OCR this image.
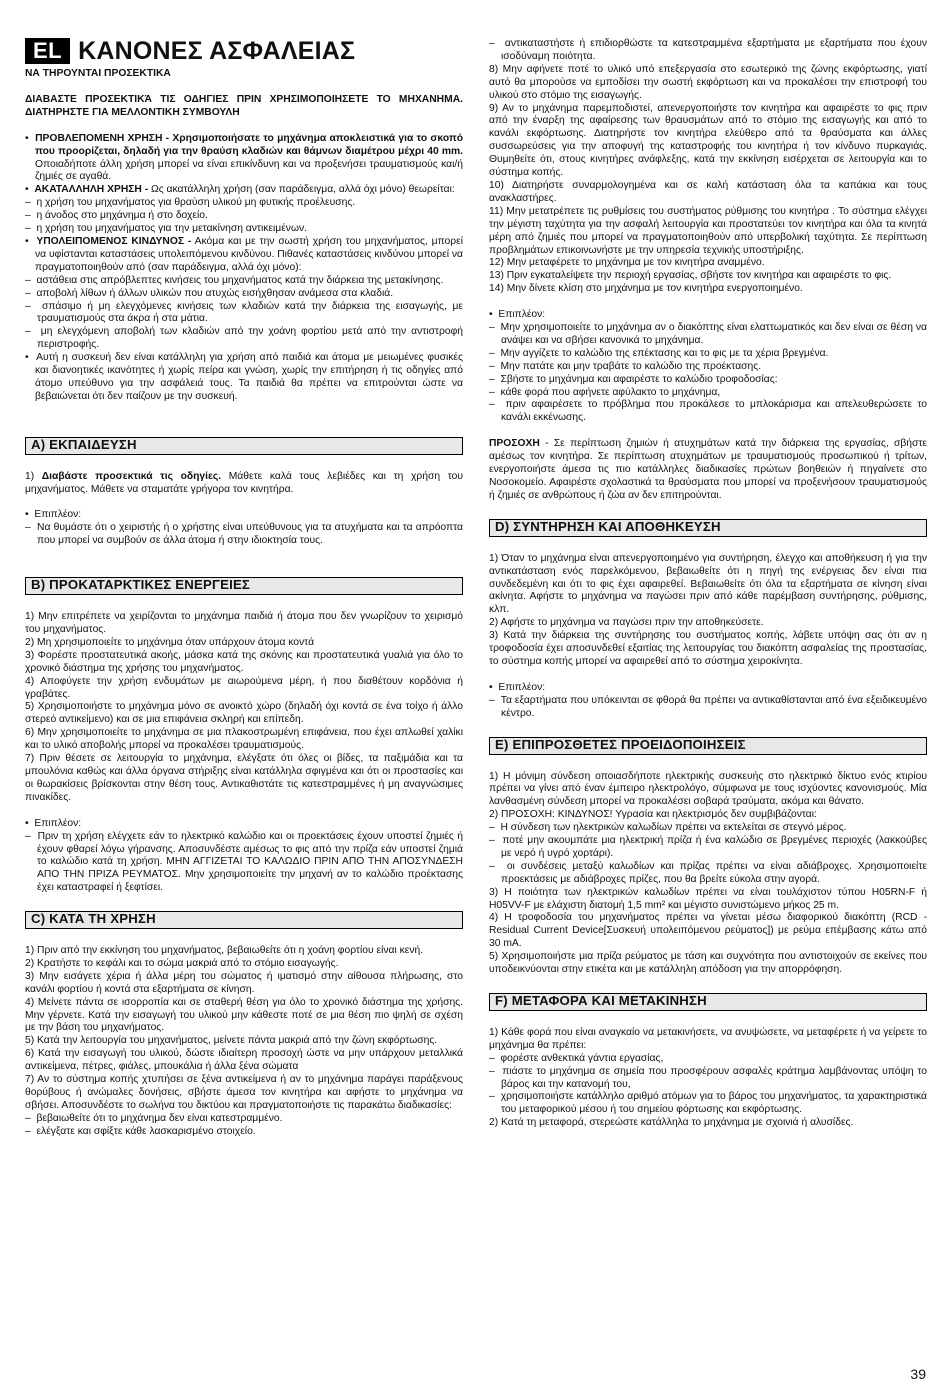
EL ΚΑΝΟΝΕΣ ΑΣΦΑΛΕΙΑΣ

ΝΑ ΤΗΡΟΥΝΤΑΙ ΠΡΟΣΕΚΤΙΚΑ

ΔΙΑΒΑΣΤΕ ΠΡΟΣΕΚΤΙΚΆ ΤΙΣ ΟΔΗΓΙΕΣ ΠΡΙΝ ΧΡΗΣΙΜΟΠΟΙΗΣΕΤΕ ΤΟ ΜΗΧΑΝΗΜΑ. ΔΙΑΤΗΡΗΣΤΕ ΓΙΑ ΜΕΛΛΟΝΤΙΚΗ ΣΥΜΒΟΥΛΗ

•  ΠΡΟΒΛΕΠΟΜΕΝΗ ΧΡΗΣΗ - Χρησιμοποιήσατε το μηχάνημα αποκλειστικά για το σκοπό που προορίζεται, δηλαδή για την θραύση κλαδιών και θάμνων διαμέτρου μέχρι 40 mm. Οποιαδήποτε άλλη χρήση μπορεί να είναι επικίνδυνη και να προξενήσει τραυματισμούς και/ή ζημιές σε αγαθά.

•  ΑΚΑΤΑΛΛΗΛΗ ΧΡΗΣΗ - Ως ακατάλληλη χρήση (σαν παράδειγμα, αλλά όχι μόνο) θεωρείται:

–  η χρήση του μηχανήματος για θραύση υλικού μη φυτικής προέλευσης.

–  η άνοδος στο μηχάνημα ή στο δοχείο.

–  η χρήση του μηχανήματος για την μετακίνηση αντικειμένων.

•  ΥΠΟΛΕΙΠΟΜΕΝΟΣ ΚΙΝΔΥΝΟΣ - Ακόμα και με την σωστή χρήση του μηχανήματος, μπορεί να υφίστανται καταστάσεις υπολειπόμενου κινδύνου. Πιθανές καταστάσεις κινδύνου μπορεί να πραγματοποιηθούν από (σαν παράδειγμα, αλλά όχι μόνο):

–  αστάθεια στις απρόβλεπτες κινήσεις του μηχανήματος κατά την διάρκεια της μετακίνησης.

–  αποβολή λίθων ή άλλων υλικών που ατυχώς εισήχθησαν ανάμεσα στα κλαδιά.

–  σπάσιμο ή μη ελεγχόμενες κινήσεις των κλαδιών κατά την διάρκεια της εισαγωγής, με τραυματισμούς στα άκρα ή στα μάτια.

–  μη ελεγχόμενη αποβολή των κλαδιών από την χοάνη φορτίου μετά από την αντιστροφή περιστροφής.

•  Αυτή η συσκευή δεν είναι κατάλληλη για χρήση από παιδιά και άτομα με μειωμένες φυσικές και διανοητικές ικανότητες ή χωρίς πείρα και γνώση, χωρίς την επιτήρηση ή τις οδηγίες από άτομο υπεύθυνο για την ασφάλειά τους. Τα παιδιά θα πρέπει να επιτρούνται ώστε να βεβαιώνεται ότι δεν παίζουν με την συσκευή.

A) ΕΚΠΑΙΔΕΥΣΗ

1) Διαβάστε προσεκτικά τις οδηγίες. Μάθετε καλά τους λεβιέδες και τη χρήση του μηχανήματος. Μάθετε να σταματάτε γρήγορα τον κινητήρα.

•  Επιπλέον:

–  Να θυμάστε ότι ο χειριστής ή ο χρήστης είναι υπεύθυνους για τα ατυχήματα και τα απρόοπτα που μπορεί να συμβούν σε άλλα άτομα ή στην ιδιοκτησία τους.

B) ΠΡΟΚΑΤΑΡΚΤΙΚΕΣ ΕΝΕΡΓΕΙΕΣ

1) Μην επιτρέπετε να χειρίζονται το μηχάνημα παιδιά ή άτομα που δεν γνωρίζουν το χειρισμό του μηχανήματος.

2) Μη χρησιμοποιείτε το μηχάνημα όταν υπάρχουν άτομα κοντά

3) Φορέστε προστατευτικά ακοής, μάσκα κατά της σκόνης και προστατευτικά γυαλιά για όλο το χρονικό διάστημα της χρήσης του μηχανήματος.

4) Αποφύγετε την χρήση ενδυμάτων με αιωρούμενα μέρη, ή που διαθέτουν κορδόνια ή γραβάτες.

5) Χρησιμοποιήστε το μηχάνημα μόνο σε ανοικτό χώρο (δηλαδή όχι κοντά σε ένα τοίχο ή άλλο στερεό αντικείμενο) και σε μια επιφάνεια σκληρή και επίπεδη.

6) Μην χρησιμοποιείτε το μηχάνημα σε μια πλακοστρωμένη επιφάνεια, που έχει απλωθεί χαλίκι και το υλικό αποβολής μπορεί να προκαλέσει τραυματισμούς.

7) Πριν θέσετε σε λειτουργία το μηχάνημα, ελέγξατε ότι όλες οι βίδες, τα παξιμάδια και τα μπουλόνια καθώς και άλλα όργανα στήριξης είναι κατάλληλα σφιγμένα και ότι οι προστασίες και οι θωρακίσεις βρίσκονται στην θέση τους. Αντικαθιστάτε τις κατεστραμμένες ή μη αναγνώσιμες πινακίδες.

•  Επιπλέον:

–  Πριν τη χρήση ελέγχετε εάν το ηλεκτρικό καλώδιο και οι προεκτάσεις έχουν υποστεί ζημιές ή έχουν φθαρεί λόγω γήρανσης. Αποσυνδέστε αμέσως το φις από την πρίζα εάν υποστεί ζημιά το καλώδιο κατά τη χρήση. ΜΗΝ ΑΓΓΙΖΕΤΑΙ ΤΟ ΚΑΛΩΔΙΟ ΠΡΙΝ ΑΠΟ ΤΗΝ ΑΠΟΣΥΝΔΕΣΗ ΑΠΟ ΤΗΝ ΠΡΙΖΑ ΡΕΥΜΑΤΟΣ. Μην χρησιμοποιείτε την μηχανή αν το καλώδιο προέκτασης έχει καταστραφεί ή ξεφτίσει.

C) ΚΑΤΑ ΤΗ ΧΡΗΣΗ

1) Πριν από την εκκίνηση του μηχανήματος, βεβαιωθείτε ότι η χοάνη φορτίου είναι κενή.

2) Κρατήστε το κεφάλι και το σώμα μακριά από το στόμιο εισαγωγής.

3) Μην εισάγετε χέρια ή άλλα μέρη του σώματος ή ιματισμό στην αίθουσα πλήρωσης, στο κανάλι φορτίου ή κοντά στα εξαρτήματα σε κίνηση.

4) Μείνετε πάντα σε ισορροπία και σε σταθερή θέση για όλο το χρονικό διάστημα της χρήσης. Μην γέρνετε. Κατά την εισαγωγή του υλικού μην κάθεστε ποτέ σε μια θέση πιο ψηλή σε σχέση με την βάση του μηχανήματος.

5) Κατά την λειτουργία του μηχανήματος, μείνετε πάντα μακριά από την ζώνη εκφόρτωσης.

6) Κατά την εισαγωγή του υλικού, δώστε ιδιαίτερη προσοχή ώστε να μην υπάρχουν μεταλλικά αντικείμενα, πέτρες, φιάλες, μπουκάλια ή άλλα ξένα σώματα

7) Αν το σύστημα κοπής χτυπήσει σε ξένα αντικείμενα ή αν το μηχάνημα παράγει παράξενους θορύβους ή ανώμαλες δονήσεις, σβήστε άμεσα τον κινητήρα και αφήστε το μηχάνημα να σβήσει. Αποσυνδέστε το σωλήνα του δικτύου και πραγματοποιήστε τις παρακάτω διαδικασίες:

–  βεβαιωθείτε ότι το μηχάνημα δεν είναι κατεστραμμένο.

–  ελέγξατε και σφίξτε κάθε λασκαρισμένο στοιχείο.

–  αντικαταστήστε ή επιδιορθώστε τα κατεστραμμένα εξαρτήματα με εξαρτήματα που έχουν ισοδύναμη ποιότητα.

8) Μην αφήνετε ποτέ το υλικό υπό επεξεργασία στο εσωτερικό της ζώνης εκφόρτωσης, γιατί αυτό θα μπορούσε να εμποδίσει την σωστή εκφόρτωση και να προκαλέσει την επιστροφή του υλικού στο στόμιο της εισαγωγής.

9) Αν το μηχάνημα παρεμποδιστεί, απενεργοποιήστε τον κινητήρα και αφαιρέστε το φις πριν από την έναρξη της αφαίρεσης των θραυσμάτων από το στόμιο της εισαγωγής και από το κανάλι εκφόρτωσης. Διατηρήστε τον κινητήρα ελεύθερο από τα θραύσματα και άλλες συσσωρεύσεις για την αποφυγή της καταστροφής του κινητήρα ή τον κίνδυνο πυρκαγιάς. Θυμηθείτε ότι, στους κινητήρες ανάφλεξης, κατά την εκκίνηση εισέρχεται σε λειτουργία και το σύστημα κοπής.

10) Διατηρήστε συναρμολογημένα και σε καλή κατάσταση όλα τα καπάκια και τους ανακλαστήρες.

11) Μην μετατρέπετε τις ρυθμίσεις του συστήματος ρύθμισης του κινητήρα . Το σύστημα ελέγχει την μέγιστη ταχύτητα για την ασφαλή λειτουργία και προστατεύει τον κινητήρα και όλα τα κινητά μέρη από ζημιές που μπορεί να πραγματοποιηθούν από υπερβολική ταχύτητα. Σε περίπτωση προβλημάτων επικοινωνήστε με την υπηρεσία τεχνικής υποστήριξης.

12) Μην μεταφέρετε το μηχάνημα με τον κινητήρα αναμμένο.

13) Πριν εγκαταλείψετε την περιοχή εργασίας, σβήστε τον κινητήρα και αφαιρέστε το φις.

14) Μην δίνετε κλίση στο μηχάνημα με τον κινητήρα ενεργοποιημένο.

•  Επιπλέον:

–  Μην χρησιμοποιείτε το μηχάνημα αν ο διακόπτης είναι ελαττωματικός και δεν είναι σε θέση να ανάψει και να σβήσει κανονικά το μηχάνημα.

–  Μην αγγίζετε το καλώδιο της επέκτασης και το φις με τα χέρια βρεγμένα.

–  Μην πατάτε και μην τραβάτε το καλώδιο της προέκτασης.

–  Σβήστε το μηχάνημα και αφαιρέστε το καλώδιο τροφοδοσίας:

–  κάθε φορά που αφήνετε αφύλακτο το μηχάνημα,

–  πριν αφαιρέσετε το πρόβλημα που προκάλεσε το μπλοκάρισμα και απελευθερώσετε το κανάλι εκκένωσης.

ΠΡΟΣΟΧΗ - Σε περίπτωση ζημιών ή ατυχημάτων κατά την διάρκεια της εργασίας, σβήστε αμέσως τον κινητήρα. Σε περίπτωση ατυχημάτων με τραυματισμούς προσωπικού ή τρίτων, ενεργοποιήστε άμεσα τις πιο κατάλληλες διαδικασίες πρώτων βοηθειών ή πηγαίνετε στο Νοσοκομείο. Αφαιρέστε σχολαστικά τα θραύσματα που μπορεί να προξενήσουν τραυματισμούς ή ζημιές σε ανθρώπους ή ζώα αν δεν επιτηρούνται.

D) ΣΥΝΤΗΡΗΣΗ ΚΑΙ ΑΠΟΘΗΚΕΥΣΗ

1) Όταν το μηχάνημα είναι απενεργοποιημένο για συντήρηση, έλεγχο και αποθήκευση ή για την αντικατάσταση ενός παρελκόμενου, βεβαιωθείτε ότι η πηγή της ενέργειας δεν είναι πια συνδεδεμένη και ότι το φις έχει αφαιρεθεί. Βεβαιωθείτε ότι όλα τα εξαρτήματα σε κίνηση είναι ακίνητα. Αφήστε το μηχάνημα να παγώσει πριν από κάθε παρέμβαση συντήρησης, ρύθμισης, κλπ.

2) Αφήστε το μηχάνημα να παγώσει πριν την αποθηκεύσετε.

3) Κατά την διάρκεια της συντήρησης του συστήματος κοπής, λάβετε υπόψη σας ότι αν η τροφοδοσία έχει αποσυνδεθεί εξαιτίας της λειτουργίας του διακόπτη ασφαλείας της προστασίας, το σύστημα κοπής μπορεί να αφαιρεθεί από το σύστημα χειροκίνητα.

•  Επιπλέον:

–  Τα εξαρτήματα που υπόκεινται σε φθορά θα πρέπει να αντικαθίστανται από ένα εξειδικευμένο κέντρο.

E) ΕΠΙΠΡΟΣΘΕΤΕΣ ΠΡΟΕΙΔΟΠΟΙΗΣΕΙΣ

1) Η μόνιμη σύνδεση οποιασδήποτε ηλεκτρικής συσκευής στο ηλεκτρικό δίκτυο ενός κτιρίου πρέπει να γίνει από έναν έμπειρο ηλεκτρολόγο, σύμφωνα με τους ισχύοντες κανονισμούς. Μία λανθασμένη σύνδεση μπορεί να προκαλέσει σοβαρά τραύματα, ακόμα και θάνατο.

2) ΠΡΟΣΟΧΗ: ΚΙΝΔΥΝΟΣ! Υγρασία και ηλεκτρισμός δεν συμβιβάζονται:

–  Η σύνδεση των ηλεκτρικών καλωδίων πρέπει να εκτελείται σε στεγνό μέρος.

–  ποτέ μην ακουμπάτε μια ηλεκτρική πρίζα ή ένα καλώδιο σε βρεγμένες περιοχές (λακκούβες με νερό ή υγρό χορτάρι).

–  οι συνδέσεις μεταξύ καλωδίων και πρίζας πρέπει να είναι αδιάβροχες. Χρησιμοποιείτε προεκτάσεις με αδιάβροχες πρίζες, που θα βρείτε εύκολα στην αγορά.

3) Η ποιότητα των ηλεκτρικών καλωδίων πρέπει να είναι τουλάχιστον τύπου H05RN-F ή H05VV-F με ελάχιστη διατομή 1,5 mm² και μέγιστο συνιστώμενο μήκος 25 m.

4) Η τροφοδοσία του μηχανήματος πρέπει να γίνεται μέσω διαφορικού διακόπτη (RCD - Residual Current Device[Συσκευή υπολειπόμενου ρεύματος]) με ρεύμα επέμβασης κάτω από 30 mA.

5) Χρησιμοποιήστε μια πρίζα ρεύματος με τάση και συχνότητα που αντιστοιχούν σε εκείνες που υποδεικνύονται στην ετικέτα και με κατάλληλη απόδοση για την απορρόφηση.

F) ΜΕΤΑΦΟΡΑ ΚΑΙ ΜΕΤΑΚΙΝΗΣΗ

1) Κάθε φορά που είναι αναγκαίο να μετακινήσετε, να ανυψώσετε, να μεταφέρετε ή να γείρετε το μηχάνημα θα πρέπει:

–  φορέστε ανθεκτικά γάντια εργασίας,

–  πιάστε το μηχάνημα σε σημεία που προσφέρουν ασφαλές κράτημα λαμβάνοντας υπόψη το βάρος και την κατανομή του,

–  χρησιμοποιήστε κατάλληλο αριθμό ατόμων για το βάρος του μηχανήματος, τα χαρακτηριστικά του μεταφορικού μέσου ή του σημείου φόρτωσης και εκφόρτωσης.

2) Κατά τη μεταφορά, στερεώστε κατάλληλα το μηχάνημα με σχοινιά ή αλυσίδες.

39
